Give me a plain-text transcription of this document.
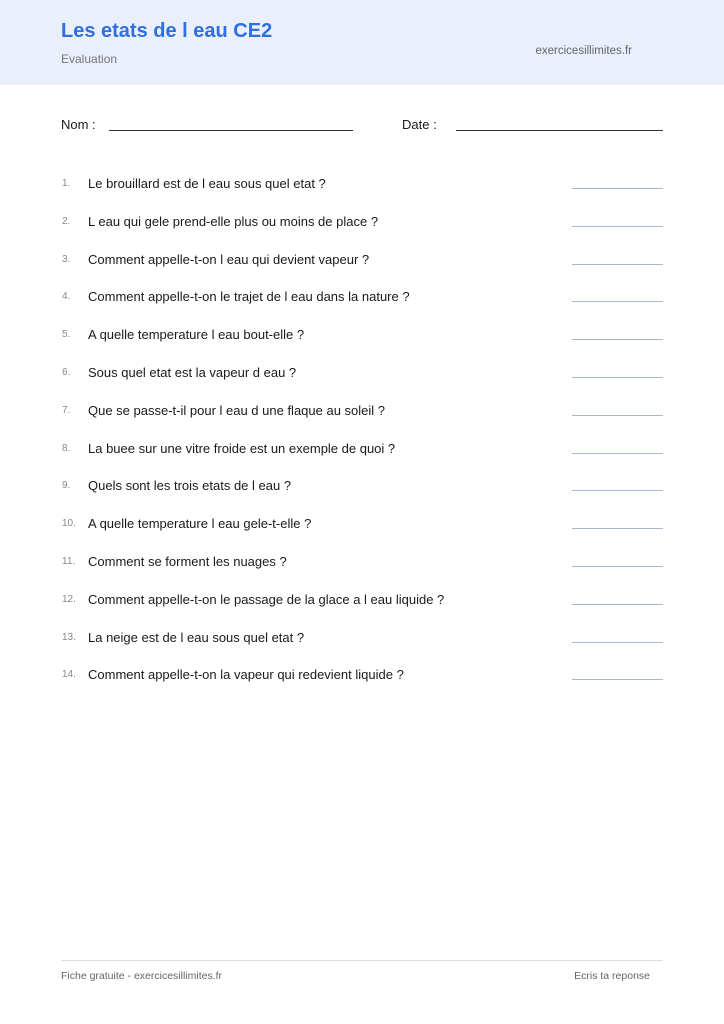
Les etats de l eau CE2
Evaluation
exercicesillimites.fr
Nom :	Date :
1.	Le brouillard est de l eau sous quel etat ?
2.	L eau qui gele prend-elle plus ou moins de place ?
3.	Comment appelle-t-on l eau qui devient vapeur ?
4.	Comment appelle-t-on le trajet de l eau dans la nature ?
5.	A quelle temperature l eau bout-elle ?
6.	Sous quel etat est la vapeur d eau ?
7.	Que se passe-t-il pour l eau d une flaque au soleil ?
8.	La buee sur une vitre froide est un exemple de quoi ?
9.	Quels sont les trois etats de l eau ?
10. A quelle temperature l eau gele-t-elle ?
11. Comment se forment les nuages ?
12. Comment appelle-t-on le passage de la glace a l eau liquide ?
13. La neige est de l eau sous quel etat ?
14. Comment appelle-t-on la vapeur qui redevient liquide ?
Fiche gratuite - exercicesillimites.fr	Ecris ta reponse
